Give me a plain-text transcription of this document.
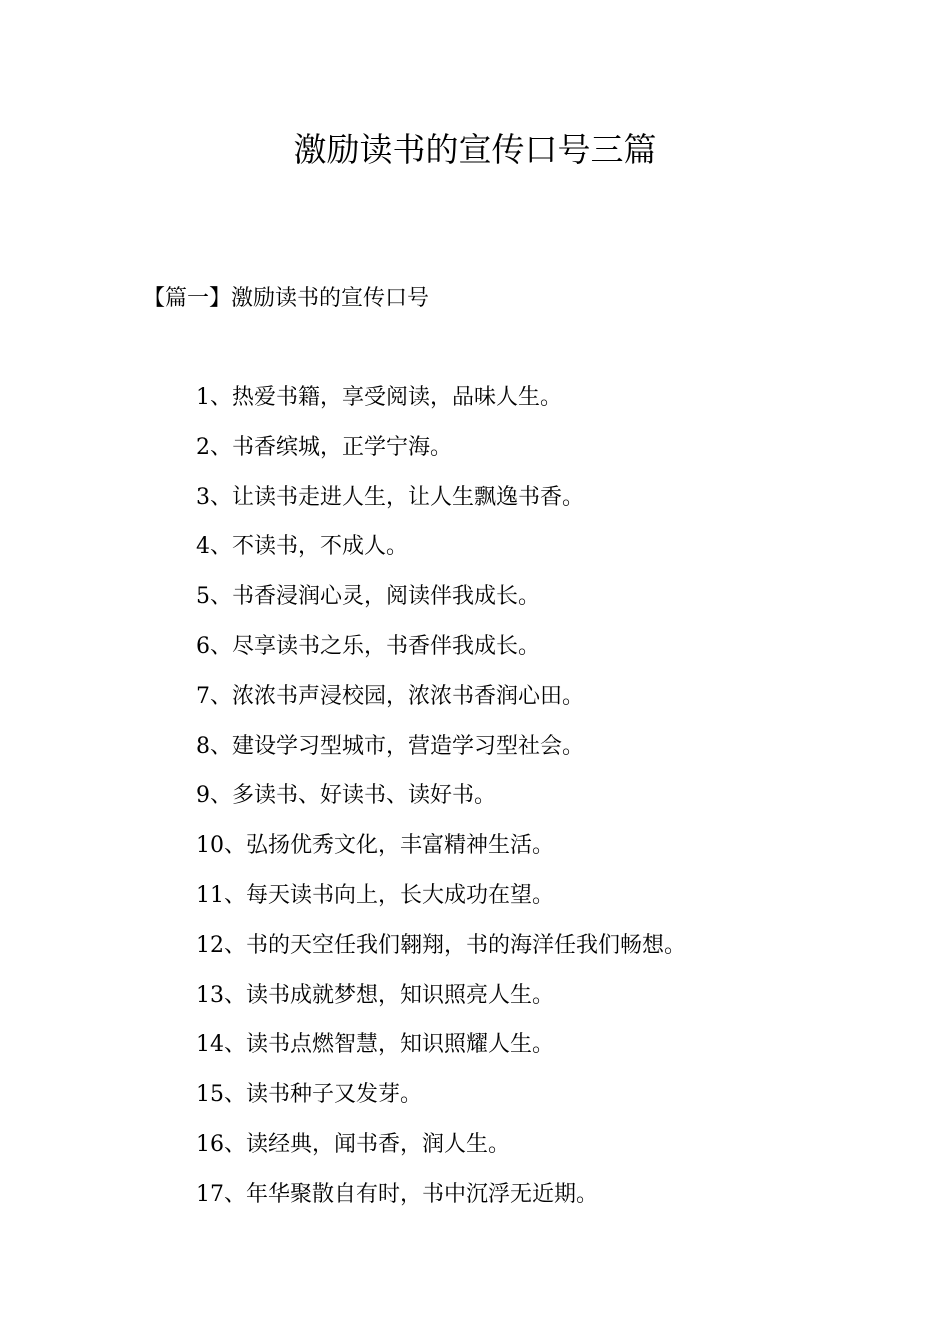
激励读书的宣传口号三篇
【篇一】激励读书的宣传口号
1、热爱书籍，享受阅读，品味人生。
2、书香缤城，正学宁海。
3、让读书走进人生，让人生飘逸书香。
4、不读书，不成人。
5、书香浸润心灵，阅读伴我成长。
6、尽享读书之乐，书香伴我成长。
7、浓浓书声浸校园，浓浓书香润心田。
8、建设学习型城市，营造学习型社会。
9、多读书、好读书、读好书。
10、弘扬优秀文化，丰富精神生活。
11、每天读书向上，长大成功在望。
12、书的天空任我们翱翔，书的海洋任我们畅想。
13、读书成就梦想，知识照亮人生。
14、读书点燃智慧，知识照耀人生。
15、读书种子又发芽。
16、读经典，闻书香，润人生。
17、年华聚散自有时，书中沉浮无近期。
